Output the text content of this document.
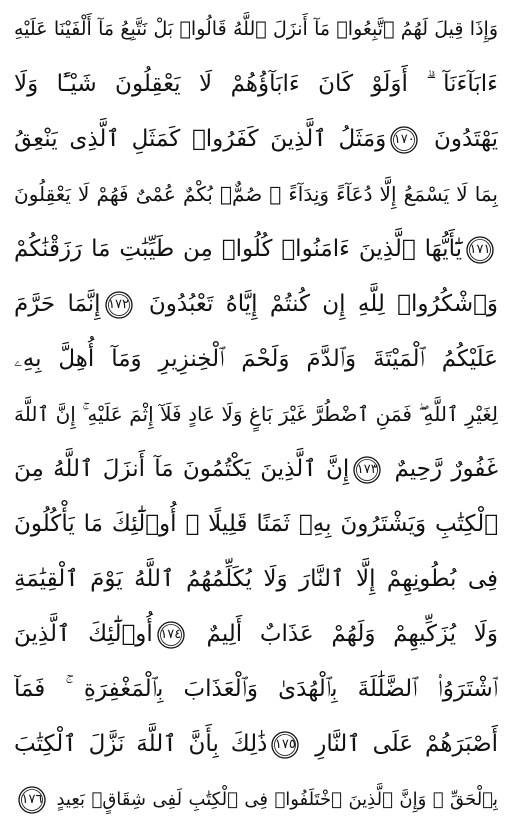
وَإِذَا قِيلَ لَهُمُ ٱتَّبِعُوا۟ مَآ أَنزَلَ ٱللَّهُ قَالُوا۟ بَلْ نَتَّبِعُ مَآ أَلْفَيْنَا عَلَيْهِ
ءَابَآءَنَآ ۗ أَوَلَوْ كَانَ ءَابَآؤُهُمْ لَا يَعْقِلُونَ شَيْـًٔا وَلَا
يَهْتَدُونَ
١٧٠وَمَثَلُ ٱلَّذِينَ كَفَرُوا۟ كَمَثَلِ ٱلَّذِى يَنْعِقُ
بِمَا لَا يَسْمَعُ إِلَّا دُعَآءً وَنِدَآءً ۚ صُمٌّۢ بُكْمٌ عُمْىٌ فَهُمْ لَا يَعْقِلُونَ
١٧١يَٰٓأَيُّهَا ٱلَّذِينَ ءَامَنُوا۟ كُلُوا۟ مِن طَيِّبَٰتِ مَا رَزَقْنَٰكُمْ
وَٱشْكُرُوا۟ لِلَّهِ إِن كُنتُمْ إِيَّاهُ تَعْبُدُونَ
١٧٢إِنَّمَا حَرَّمَ
عَلَيْكُمُ ٱلْمَيْتَةَ وَٱلدَّمَ وَلَحْمَ ٱلْخِنزِيرِ وَمَآ أُهِلَّ بِهِۦ
لِغَيْرِ ٱللَّهِ ۖ فَمَنِ ٱضْطُرَّ غَيْرَ بَاغٍ وَلَا عَادٍ فَلَآ إِثْمَ عَلَيْهِ ۚ إِنَّ ٱللَّهَ
غَفُورٌ رَّحِيمٌ
١٧٣إِنَّ ٱلَّذِينَ يَكْتُمُونَ مَآ أَنزَلَ ٱللَّهُ مِنَ
ٱلْكِتَٰبِ وَيَشْتَرُونَ بِهِۦ ثَمَنًا قَلِيلًا ۙ أُو۟لَٰٓئِكَ مَا يَأْكُلُونَ
فِى بُطُونِهِمْ إِلَّا ٱلنَّارَ وَلَا يُكَلِّمُهُمُ ٱللَّهُ يَوْمَ ٱلْقِيَٰمَةِ
وَلَا يُزَكِّيهِمْ وَلَهُمْ عَذَابٌ أَلِيمٌ
١٧٤أُو۟لَٰٓئِكَ ٱلَّذِينَ
ٱشْتَرَوُا۟ ٱلضَّلَٰلَةَ بِٱلْهُدَىٰ وَٱلْعَذَابَ بِٱلْمَغْفِرَةِ ۚ فَمَآ
أَصْبَرَهُمْ عَلَى ٱلنَّارِ
١٧٥ذَٰلِكَ بِأَنَّ ٱللَّهَ نَزَّلَ ٱلْكِتَٰبَ
بِٱلْحَقِّ ۗ وَإِنَّ ٱلَّذِينَ ٱخْتَلَفُوا۟ فِى ٱلْكِتَٰبِ لَفِى شِقَاقٍۭ بَعِيدٍ
١٧٦
